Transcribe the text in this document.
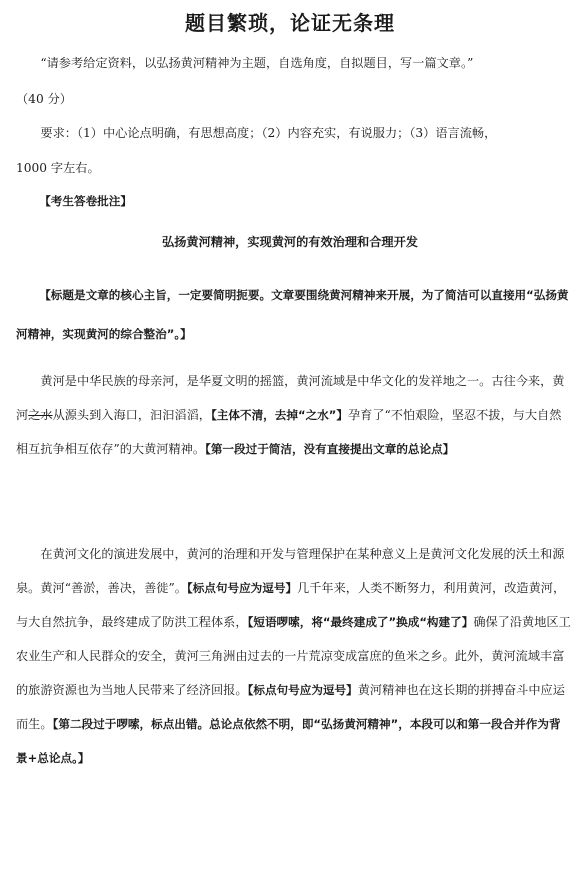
题目繁琐，论证无条理
“请参考给定资料，以弘扬黄河精神为主题，自选角度，自拟题目，写一篇文章。”
（40 分）
要求：（1）中心论点明确，有思想高度；（2）内容充实，有说服力；（3）语言流畅，
1000 字左右。
【考生答卷批注】
弘扬黄河精神，实现黄河的有效治理和合理开发
【标题是文章的核心主旨，一定要简明扼要。文章要围绕黄河精神来开展，为了简洁可以直接用“弘扬黄河精神，实现黄河的综合整治”。】
黄河是中华民族的母亲河，是华夏文明的摇篮，黄河流域是中华文化的发祥地之一。古往今来，黄河之水从源头到入海口，汩汩滔滔，【主体不清，去掉“之水”】孕育了“不怕艰险，坚忍不拔，与大自然相互抗争相互依存”的大黄河精神。【第一段过于简洁，没有直接提出文章的总论点】
在黄河文化的演进发展中，黄河的治理和开发与管理保护在某种意义上是黄河文化发展的沃土和源泉。黄河“善淤，善决，善徙”。【标点句号应为逗号】几千年来，人类不断努力，利用黄河，改造黄河，与大自然抗争，最终建成了防洪工程体系，【短语啰嗦，将“最终建成了”换成“构建了】确保了沿黄地区工农业生产和人民群众的安全，黄河三角洲由过去的一片荒凉变成富庶的鱼米之乡。此外，黄河流域丰富的旅游资源也为当地人民带来了经济回报。【标点句号应为逗号】黄河精神也在这长期的拼搏奋斗中应运而生。【第二段过于啰嗦，标点出错。总论点依然不明，即“弘扬黄河精神”，本段可以和第一段合并作为背景+总论点。】
